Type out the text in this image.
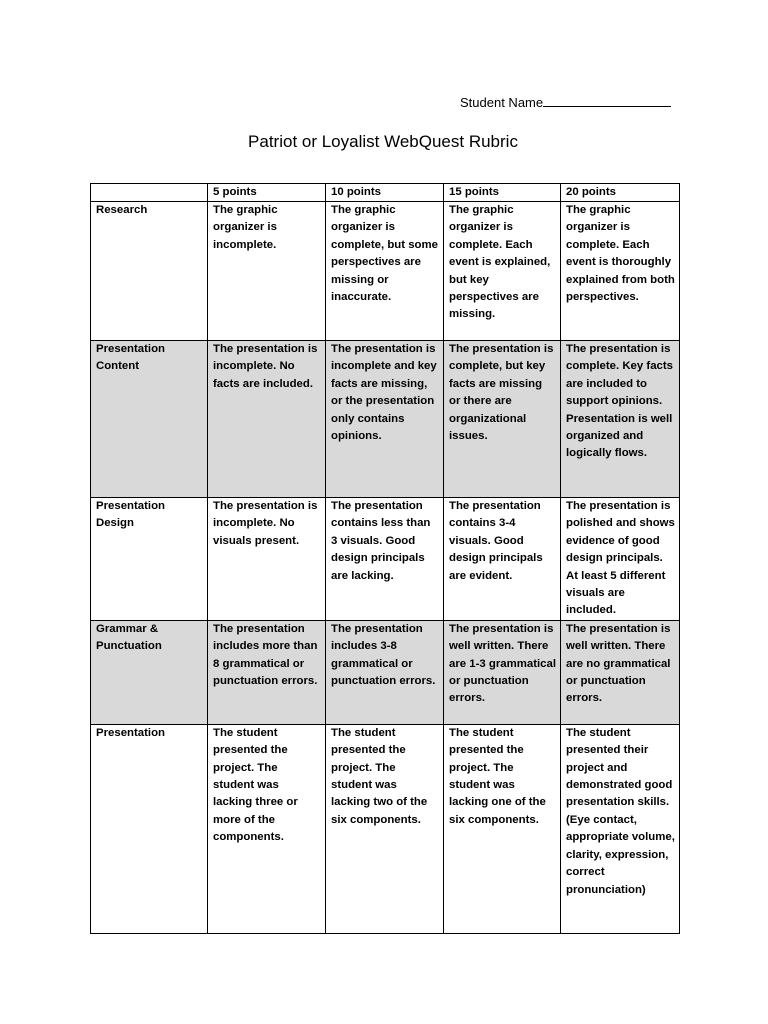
Student Name
Patriot or Loyalist WebQuest Rubric
	5 points	10 points	15 points	20 points
Research	The graphic organizer is incomplete.	The graphic organizer is complete, but some perspectives are missing or inaccurate.	The graphic organizer is complete. Each event is explained, but key perspectives are missing.	The graphic organizer is complete. Each event is thoroughly explained from both perspectives.
Presentation Content	The presentation is incomplete. No facts are included.	The presentation is incomplete and key facts are missing, or the presentation only contains opinions.	The presentation is complete, but key facts are missing or there are organizational issues.	The presentation is complete. Key facts are included to support opinions. Presentation is well organized and logically flows.
Presentation Design	The presentation is incomplete. No visuals present.	The presentation contains less than 3 visuals. Good design principals are lacking.	The presentation contains 3-4 visuals. Good design principals are evident.	The presentation is polished and shows evidence of good design principals. At least 5 different visuals are included.
Grammar & Punctuation	The presentation includes more than 8 grammatical or punctuation errors.	The presentation includes 3-8 grammatical or punctuation errors.	The presentation is well written. There are 1-3 grammatical or punctuation errors.	The presentation is well written. There are no grammatical or punctuation errors.
Presentation	The student presented the project. The student was lacking three or more of the components.	The student presented the project. The student was lacking two of the six components.	The student presented the project. The student was lacking one of the six components.	The student presented their project and demonstrated good presentation skills. (Eye contact, appropriate volume, clarity, expression, correct pronunciation)
